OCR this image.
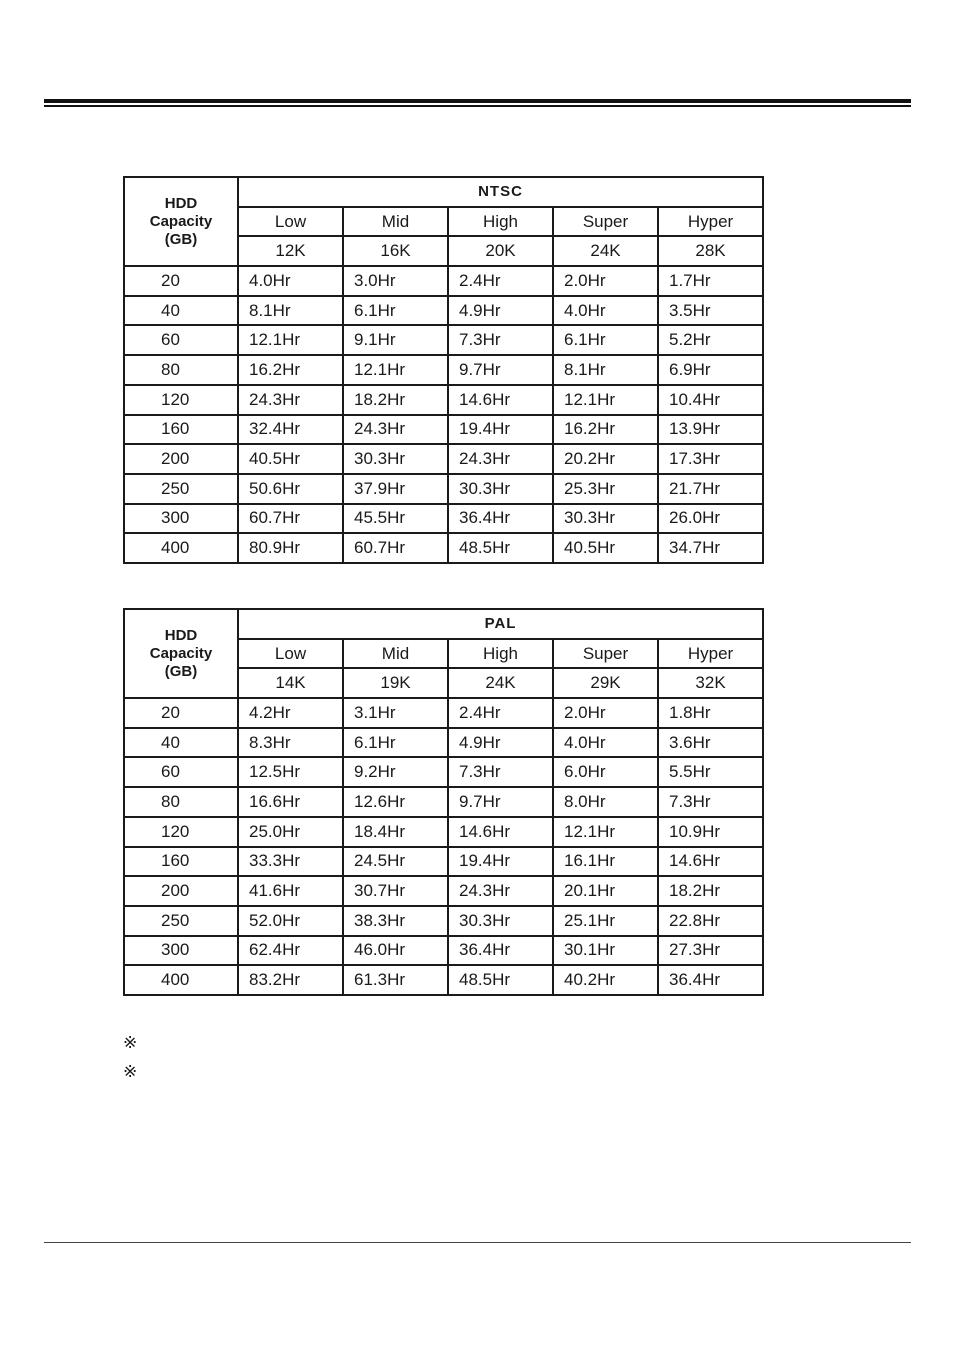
HDD
Capacity
(GB)	NTSC				
	Low	Mid	High	Super	Hyper
	12K	16K	20K	24K	28K
20	4.0Hr	3.0Hr	2.4Hr	2.0Hr	1.7Hr
40	8.1Hr	6.1Hr	4.9Hr	4.0Hr	3.5Hr
60	12.1Hr	9.1Hr	7.3Hr	6.1Hr	5.2Hr
80	16.2Hr	12.1Hr	9.7Hr	8.1Hr	6.9Hr
120	24.3Hr	18.2Hr	14.6Hr	12.1Hr	10.4Hr
160	32.4Hr	24.3Hr	19.4Hr	16.2Hr	13.9Hr
200	40.5Hr	30.3Hr	24.3Hr	20.2Hr	17.3Hr
250	50.6Hr	37.9Hr	30.3Hr	25.3Hr	21.7Hr
300	60.7Hr	45.5Hr	36.4Hr	30.3Hr	26.0Hr
400	80.9Hr	60.7Hr	48.5Hr	40.5Hr	34.7Hr
HDD
Capacity
(GB)	PAL				
	Low	Mid	High	Super	Hyper
	14K	19K	24K	29K	32K
20	4.2Hr	3.1Hr	2.4Hr	2.0Hr	1.8Hr
40	8.3Hr	6.1Hr	4.9Hr	4.0Hr	3.6Hr
60	12.5Hr	9.2Hr	7.3Hr	6.0Hr	5.5Hr
80	16.6Hr	12.6Hr	9.7Hr	8.0Hr	7.3Hr
120	25.0Hr	18.4Hr	14.6Hr	12.1Hr	10.9Hr
160	33.3Hr	24.5Hr	19.4Hr	16.1Hr	14.6Hr
200	41.6Hr	30.7Hr	24.3Hr	20.1Hr	18.2Hr
250	52.0Hr	38.3Hr	30.3Hr	25.1Hr	22.8Hr
300	62.4Hr	46.0Hr	36.4Hr	30.1Hr	27.3Hr
400	83.2Hr	61.3Hr	48.5Hr	40.2Hr	36.4Hr
※
※
